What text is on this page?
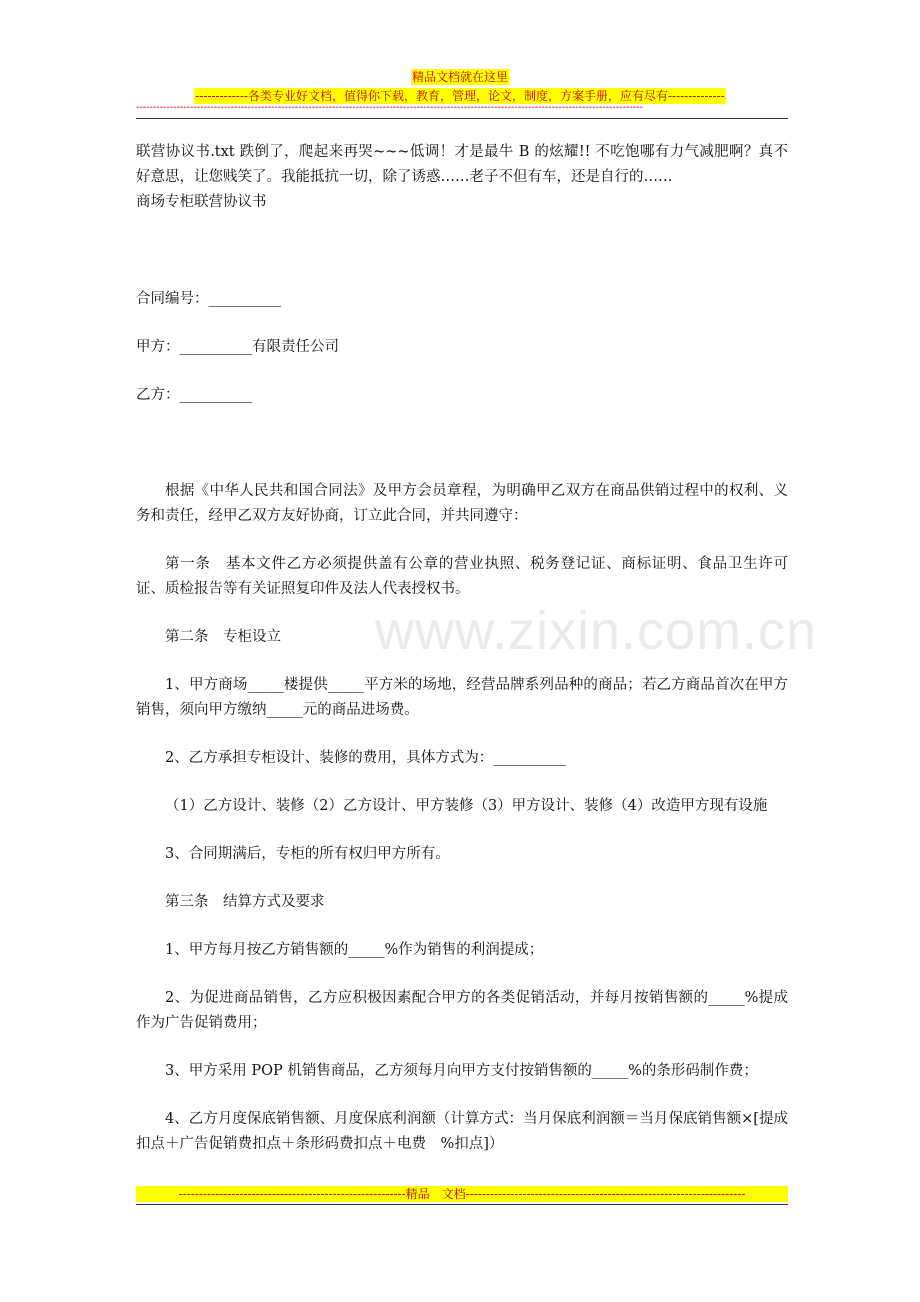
精品文档就在这里
-------------各类专业好文档，值得你下载，教育，管理，论文，制度，方案手册，应有尽有--------------
------------------------------------------------------------------------------------------------------------------------------------------------------
www.zixin.com.cn

联营协议书.txt 跌倒了，爬起来再哭~~~低调！才是最牛 B 的炫耀!! 不吃饱哪有力气减肥啊？真不好意思，让您贱笑了。我能抵抗一切，除了诱惑……老子不但有车，还是自行的……

商场专柜联营协议书

合同编号：__________

甲方：__________有限责任公司

乙方：__________

根据《中华人民共和国合同法》及甲方会员章程，为明确甲乙双方在商品供销过程中的权利、义务和责任，经甲乙双方友好协商，订立此合同，并共同遵守：

第一条　基本文件乙方必须提供盖有公章的营业执照、税务登记证、商标证明、食品卫生许可证、质检报告等有关证照复印件及法人代表授权书。

第二条　专柜设立

1、甲方商场_____楼提供_____平方米的场地，经营品牌系列品种的商品；若乙方商品首次在甲方销售，须向甲方缴纳_____元的商品进场费。

2、乙方承担专柜设计、装修的费用，具体方式为：__________

（1）乙方设计、装修（2）乙方设计、甲方装修（3）甲方设计、装修（4）改造甲方现有设施

3、合同期满后，专柜的所有权归甲方所有。

第三条　结算方式及要求

1、甲方每月按乙方销售额的_____%作为销售的利润提成；

2、为促进商品销售，乙方应积极因素配合甲方的各类促销活动，并每月按销售额的_____%提成作为广告促销费用；

3、甲方采用 POP 机销售商品，乙方须每月向甲方支付按销售额的_____%的条形码制作费；

4、乙方月度保底销售额、月度保底利润额（计算方式：当月保底利润额＝当月保底销售额×[提成扣点＋广告促销费扣点＋条形码费扣点＋电费　%扣点]）

--------------------------------------------------------精品　文档---------------------------------------------------------------------
